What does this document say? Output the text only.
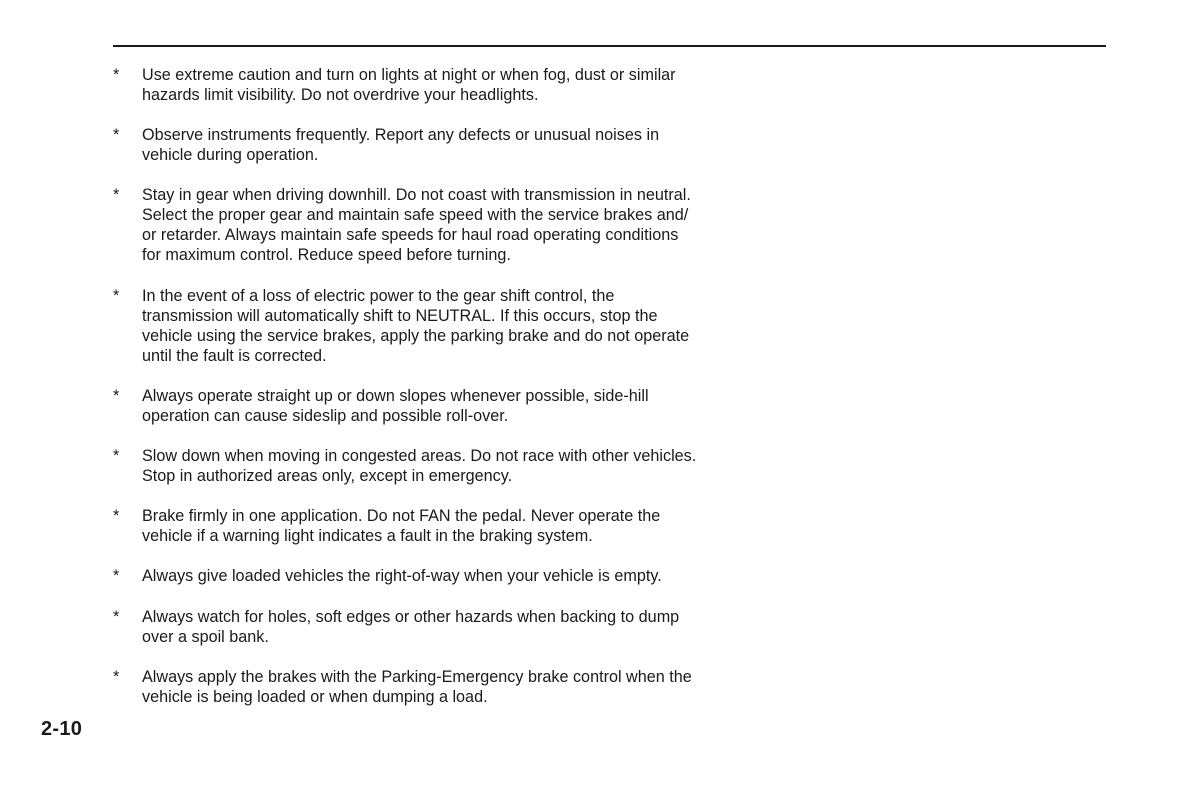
*	Use extreme caution and turn on lights at night or when fog, dust or similar
hazards limit visibility. Do not overdrive your headlights.
*	Observe instruments frequently. Report any defects or unusual noises in
vehicle during operation.
*	Stay in gear when driving downhill. Do not coast with transmission in neutral.
Select the proper gear and maintain safe speed with the service brakes and/
or retarder. Always maintain safe speeds for haul road operating conditions
for maximum control. Reduce speed before turning.
*	In the event of a loss of electric power to the gear shift control, the
transmission will automatically shift to NEUTRAL. If this occurs, stop the
vehicle using the service brakes, apply the parking brake and do not operate
until the fault is corrected.
*	Always operate straight up or down slopes whenever possible, side-hill
operation can cause sideslip and possible roll-over.
*	Slow down when moving in congested areas. Do not race with other vehicles.
Stop in authorized areas only, except in emergency.
*	Brake firmly in one application. Do not FAN the pedal. Never operate the
vehicle if a warning light indicates a fault in the braking system.
*	Always give loaded vehicles the right-of-way when your vehicle is empty.
*	Always watch for holes, soft edges or other hazards when backing to dump
over a spoil bank.
*	Always apply the brakes with the Parking-Emergency brake control when the
vehicle is being loaded or when dumping a load.
2-10
